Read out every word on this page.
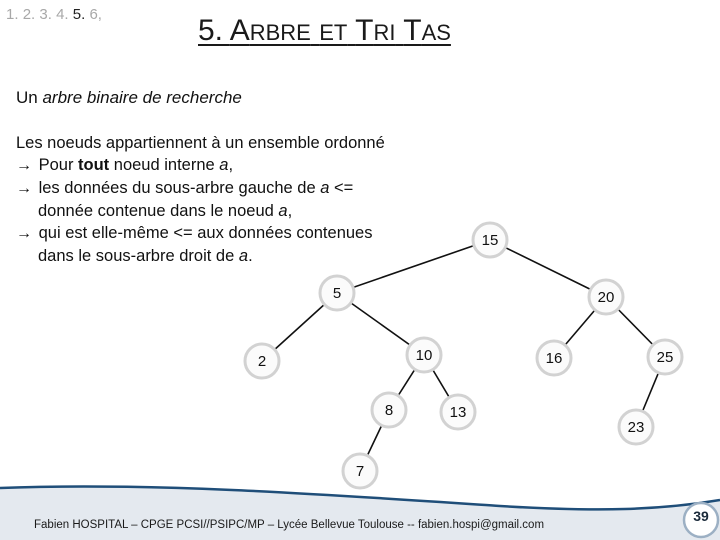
1. 2. 3. 4. 5. 6,	5. ARBRE ET TRI TAS
Un arbre binaire de recherche
Les noeuds appartiennent à un ensemble ordonné
→ Pour tout noeud interne a,
→ les données du sous-arbre gauche de a <=
donnée contenue dans le noeud a,
→ qui est elle-même <= aux données contenues
dans le sous-arbre droit de a.
15
5	20
2	10	16	25
8	13
23
7
Fabien HOSPITAL – CPGE PCSI//PSIPC/MP – Lycée Bellevue Toulouse -- fabien.hospi@gmail.com
39
